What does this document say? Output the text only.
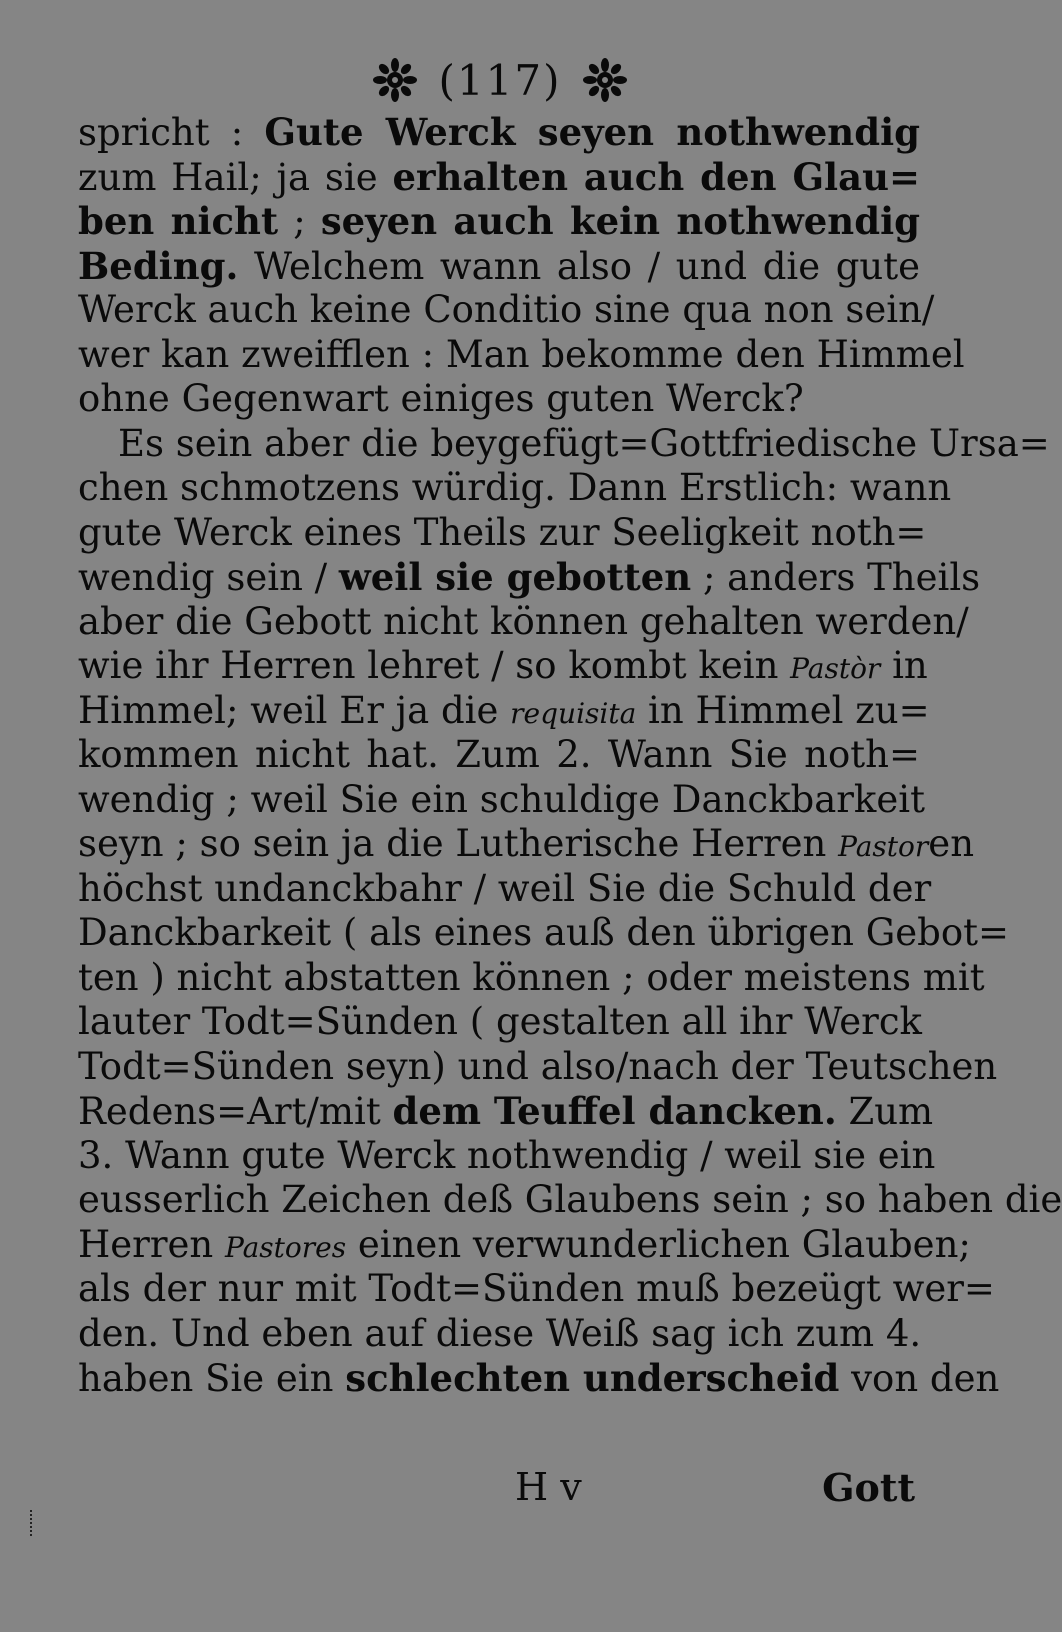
(117)
spricht : Gute Werck seyen nothwendig
zum Hail; ja sie erhalten auch den Glau=
ben nicht ; seyen auch kein nothwendig
Beding. Welchem wann also / und die gute
Werck auch keine Conditio sine qua non sein/
wer kan zweifflen : Man bekomme den Himmel
ohne Gegenwart einiges guten Werck?
Es sein aber die beygefügt=Gottfriedische Ursa=
chen schmotzens würdig. Dann Erstlich: wann
gute Werck eines Theils zur Seeligkeit noth=
wendig sein / weil sie gebotten ; anders Theils
aber die Gebott nicht können gehalten werden/
wie ihr Herren lehret / so kombt kein Pastòr in
Himmel; weil Er ja die requisita in Himmel zu=
kommen nicht hat. Zum 2. Wann Sie noth=
wendig ; weil Sie ein schuldige Danckbarkeit
seyn ; so sein ja die Lutherische Herren Pastoren
höchst undanckbahr / weil Sie die Schuld der
Danckbarkeit ( als eines auß den übrigen Gebot=
ten ) nicht abstatten können ; oder meistens mit
lauter Todt=Sünden ( gestalten all ihr Werck
Todt=Sünden seyn) und also/nach der Teutschen
Redens=Art/mit dem Teuffel dancken. Zum
3. Wann gute Werck nothwendig / weil sie ein
eusserlich Zeichen deß Glaubens sein ; so haben die
Herren Pastores einen verwunderlichen Glauben;
als der nur mit Todt=Sünden muß bezeügt wer=
den. Und eben auf diese Weiß sag ich zum 4.
haben Sie ein schlechten underscheid von den
H v	Gott
